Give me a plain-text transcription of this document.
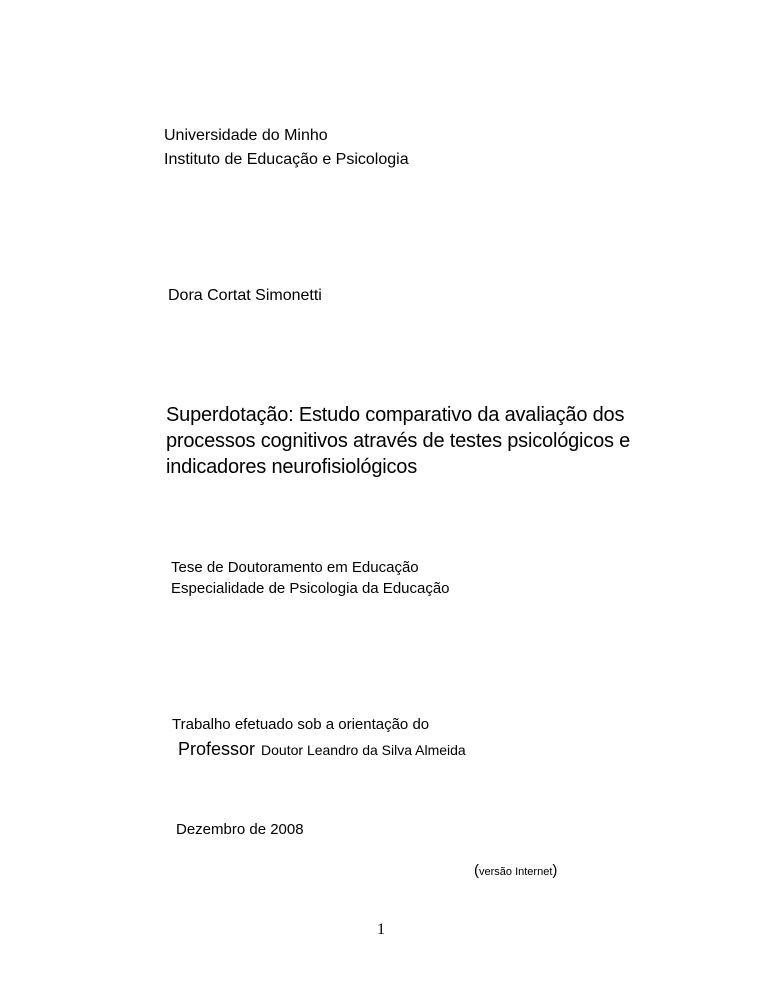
Universidade do Minho
Instituto de Educação e Psicologia
Dora Cortat Simonetti
Superdotação: Estudo comparativo da avaliação dos
processos cognitivos através de testes psicológicos e
indicadores neurofisiológicos
Tese de Doutoramento em Educação
Especialidade de Psicologia da Educação
Trabalho efetuado sob a orientação do
Professor Doutor Leandro da Silva Almeida
Dezembro de 2008
(versão Internet)
1
